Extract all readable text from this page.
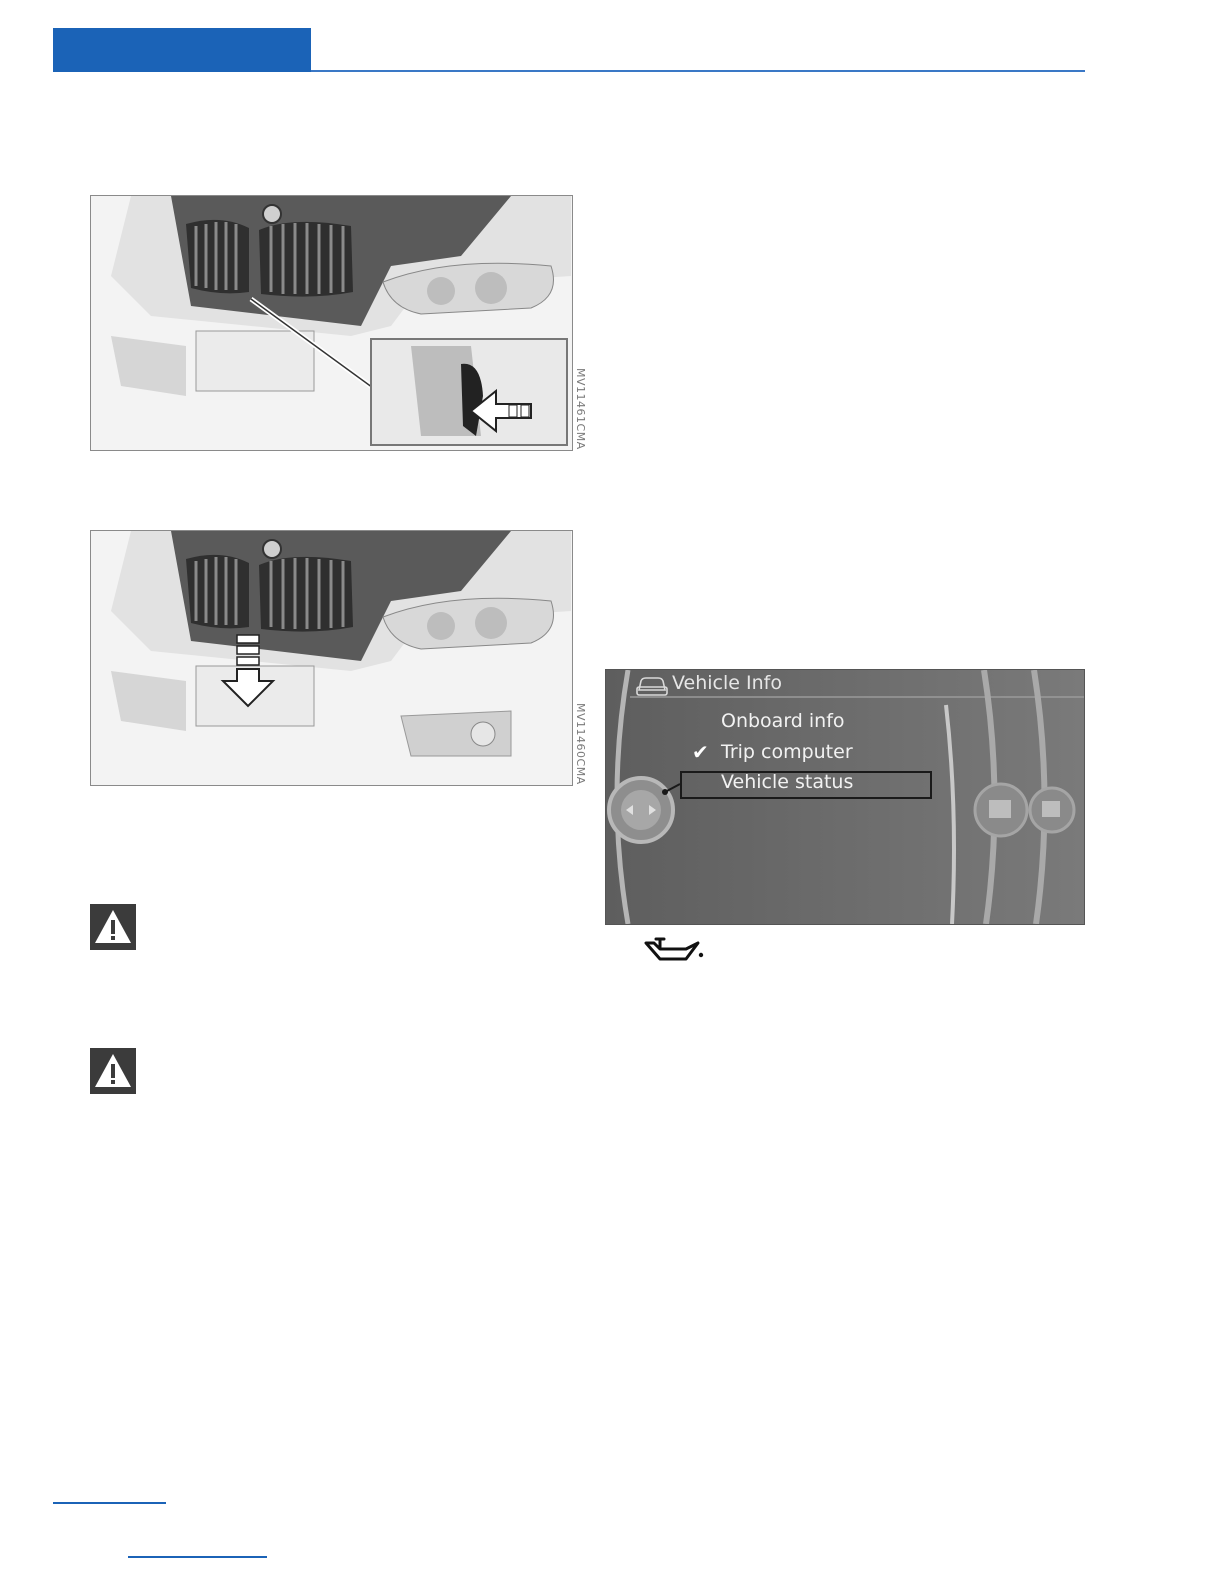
MV11461CMA
MV11460CMA
Vehicle Info
Onboard info
✔ Trip computer
Vehicle status
